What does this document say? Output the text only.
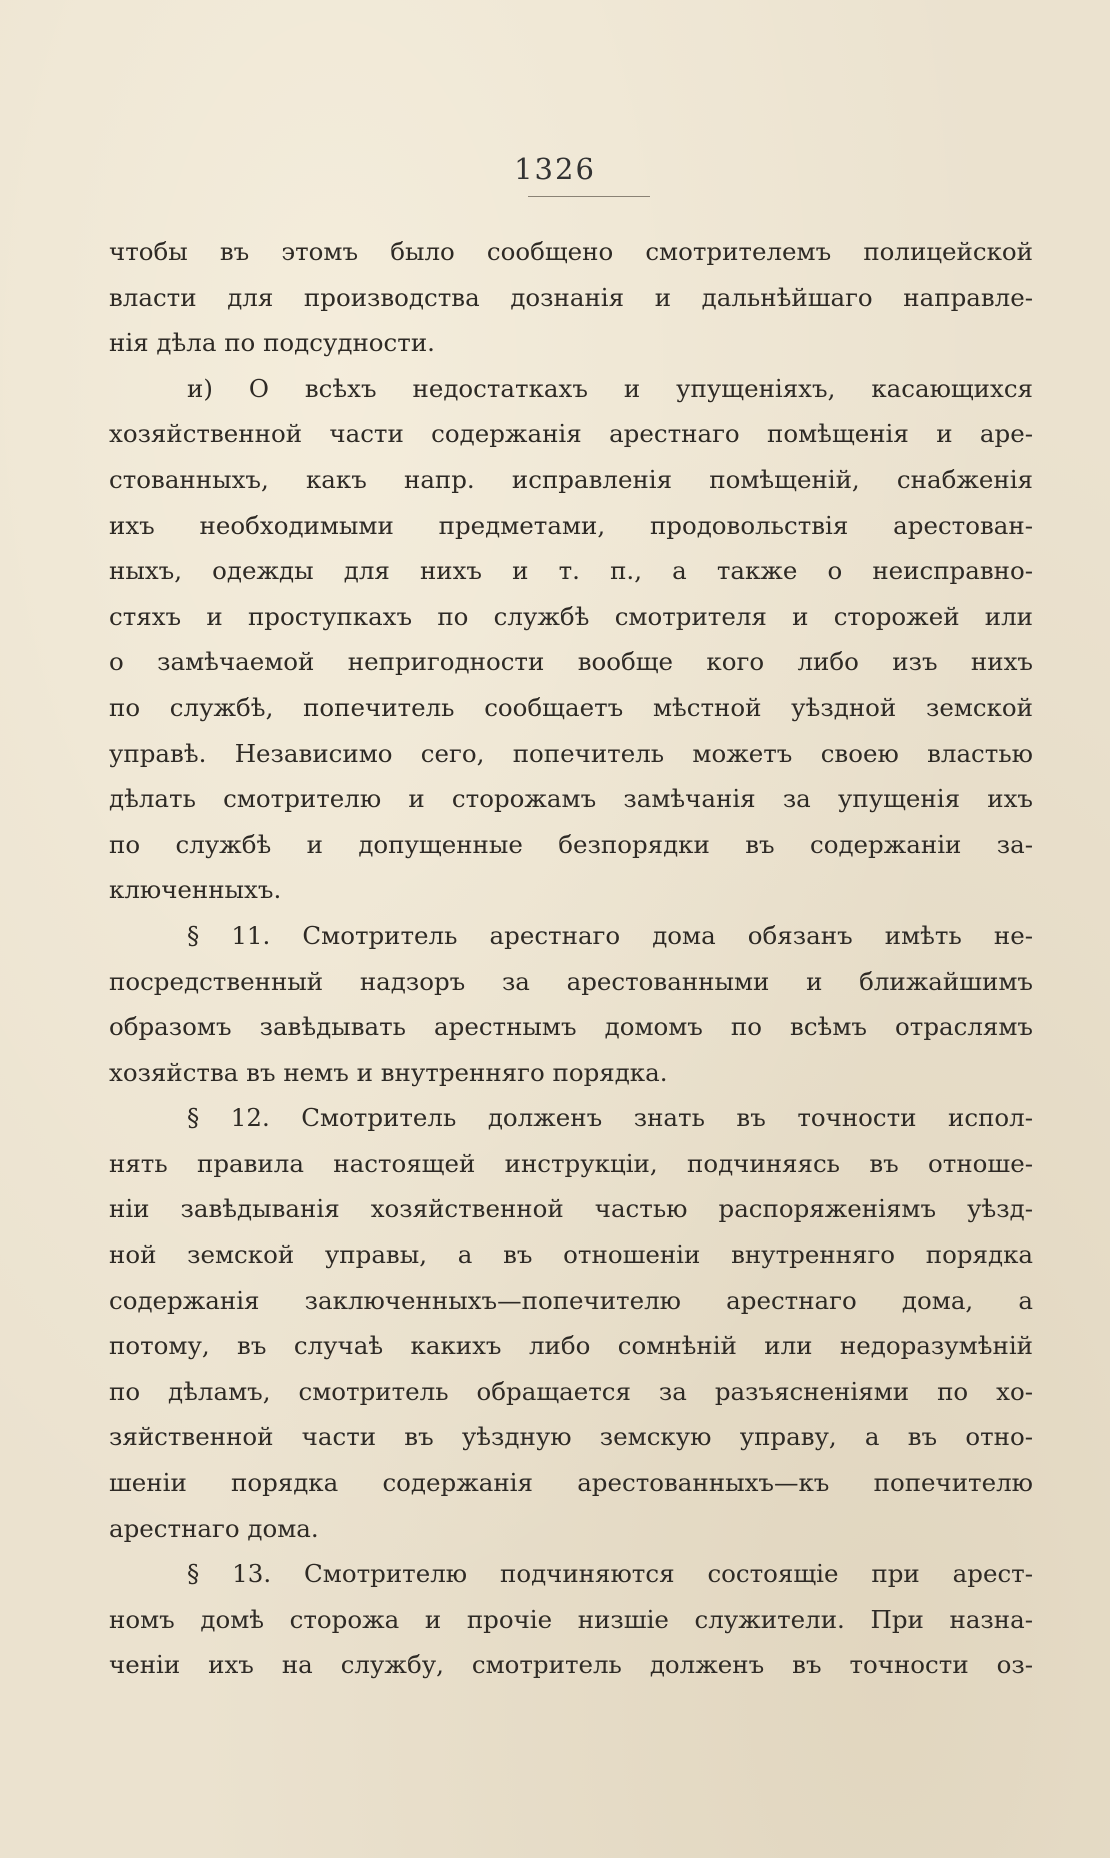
1326
чтобы въ этомъ было сообщено смотрителемъ полицейской
власти для производства дознанія и дальнѣйшаго направле-
нія дѣла по подсудности.
и) О всѣхъ недостаткахъ и упущеніяхъ, касающихся
хозяйственной части содержанія арестнаго помѣщенія и аре-
стованныхъ, какъ напр. исправленія помѣщеній, снабженія
ихъ необходимыми предметами, продовольствія арестован-
ныхъ, одежды для нихъ и т. п., а также о неисправно-
стяхъ и проступкахъ по службѣ смотрителя и сторожей или
о замѣчаемой непригодности вообще кого либо изъ нихъ
по службѣ, попечитель сообщаетъ мѣстной уѣздной земской
управѣ. Независимо сего, попечитель можетъ своею властью
дѣлать смотрителю и сторожамъ замѣчанія за упущенія ихъ
по службѣ и допущенные безпорядки въ содержаніи за-
ключенныхъ.
§ 11. Смотритель арестнаго дома обязанъ имѣть не-
посредственный надзоръ за арестованными и ближайшимъ
образомъ завѣдывать арестнымъ домомъ по всѣмъ отраслямъ
хозяйства въ немъ и внутренняго порядка.
§ 12. Смотритель долженъ знать въ точности испол-
нять правила настоящей инструкціи, подчиняясь въ отноше-
ніи завѣдыванія хозяйственной частью распоряженіямъ уѣзд-
ной земской управы, а въ отношеніи внутренняго порядка
содержанія заключенныхъ—попечителю арестнаго дома, а
потому, въ случаѣ какихъ либо сомнѣній или недоразумѣній
по дѣламъ, смотритель обращается за разъясненіями по хо-
зяйственной части въ уѣздную земскую управу, а въ отно-
шеніи порядка содержанія арестованныхъ—къ попечителю
арестнаго дома.
§ 13. Смотрителю подчиняются состоящіе при арест-
номъ домѣ сторожа и прочіе низшіе служители. При назна-
ченіи ихъ на службу, смотритель долженъ въ точности оз-
